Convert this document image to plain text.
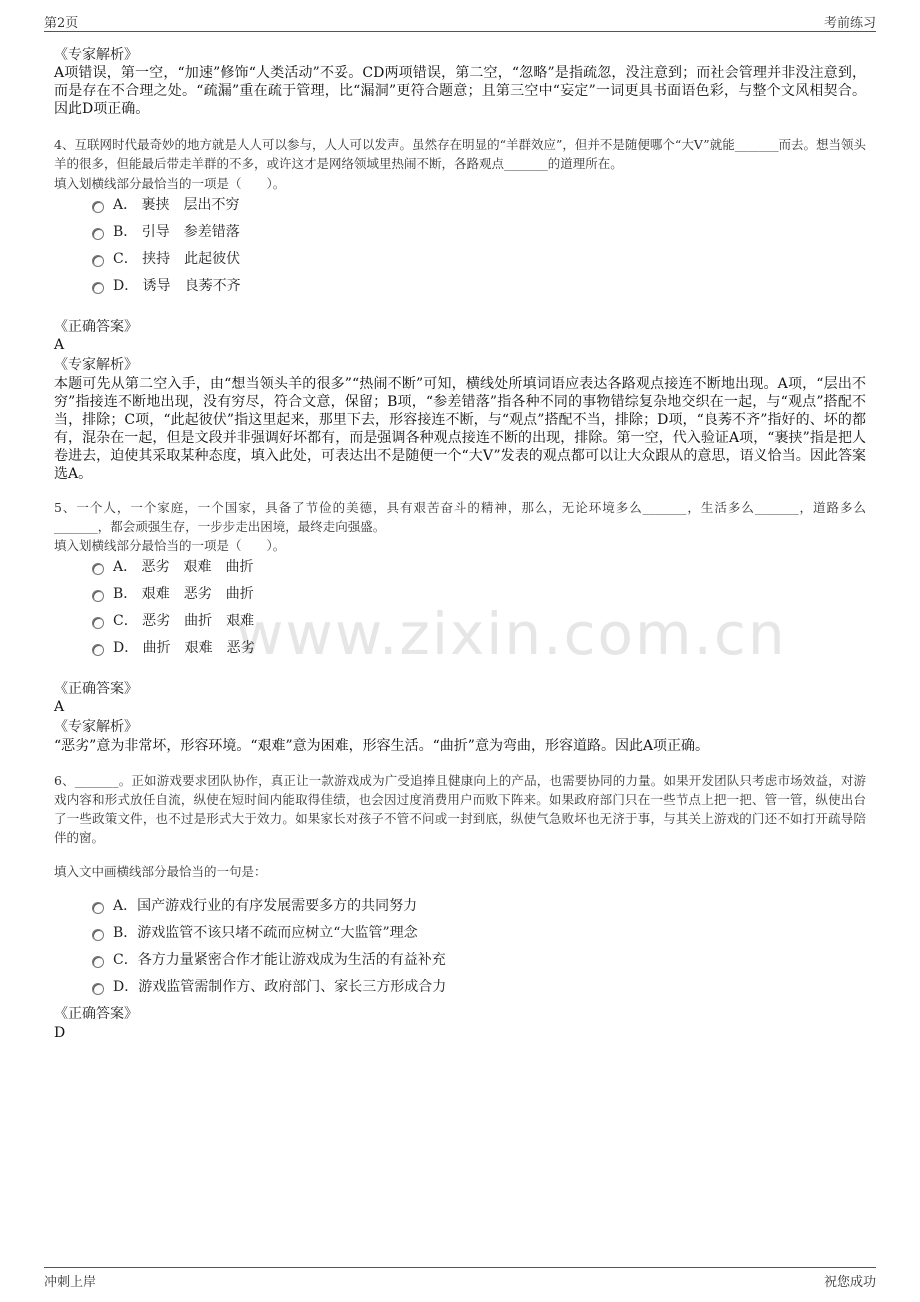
第2页	考前练习
www.zixin.com.cn
《专家解析》
A项错误，第一空，“加速”修饰“人类活动”不妥。CD两项错误，第二空，“忽略”是指疏忽，没注意到；而社会管理并非没注意到，而是存在不合理之处。“疏漏”重在疏于管理，比“漏洞”更符合题意；且第三空中“妄定”一词更具书面语色彩，与整个文风相契合。因此D项正确。
4、互联网时代最奇妙的地方就是人人可以参与，人人可以发声。虽然存在明显的“羊群效应”，但并不是随便哪个“大V”就能_______而去。想当领头羊的很多，但能最后带走羊群的不多，或许这才是网络领域里热闹不断，各路观点_______的道理所在。
填入划横线部分最恰当的一项是（　　）。
A． 裹挟　层出不穷
B． 引导　参差错落
C． 挟持　此起彼伏
D． 诱导　良莠不齐
《正确答案》
A
《专家解析》
本题可先从第二空入手，由“想当领头羊的很多”“热闹不断”可知，横线处所填词语应表达各路观点接连不断地出现。A项，“层出不穷”指接连不断地出现，没有穷尽，符合文意，保留；B项，“参差错落”指各种不同的事物错综复杂地交织在一起，与“观点”搭配不当，排除；C项，“此起彼伏”指这里起来，那里下去，形容接连不断，与“观点”搭配不当，排除；D项，“良莠不齐”指好的、坏的都有，混杂在一起，但是文段并非强调好坏都有，而是强调各种观点接连不断的出现，排除。第一空，代入验证A项，“裹挟”指是把人卷进去，迫使其采取某种态度，填入此处，可表达出不是随便一个“大V”发表的观点都可以让大众跟从的意思，语义恰当。因此答案选A。
5、一个人，一个家庭，一个国家，具备了节俭的美德，具有艰苦奋斗的精神，那么，无论环境多么_______，生活多么_______，道路多么_______，都会顽强生存，一步步走出困境，最终走向强盛。
填入划横线部分最恰当的一项是（　　）。
A． 恶劣　艰难　曲折
B． 艰难　恶劣　曲折
C． 恶劣　曲折　艰难
D． 曲折　艰难　恶劣
《正确答案》
A
《专家解析》
“恶劣”意为非常坏，形容环境。“艰难”意为困难，形容生活。“曲折”意为弯曲，形容道路。因此A项正确。
6、_______。正如游戏要求团队协作，真正让一款游戏成为广受追捧且健康向上的产品，也需要协同的力量。如果开发团队只考虑市场效益，对游戏内容和形式放任自流，纵使在短时间内能取得佳绩，也会因过度消费用户而败下阵来。如果政府部门只在一些节点上把一把、管一管，纵使出台了一些政策文件，也不过是形式大于效力。如果家长对孩子不管不问或一封到底，纵使气急败坏也无济于事，与其关上游戏的门还不如打开疏导陪伴的窗。
填入文中画横线部分最恰当的一句是：
A．国产游戏行业的有序发展需要多方的共同努力
B．游戏监管不该只堵不疏而应树立“大监管”理念
C．各方力量紧密合作才能让游戏成为生活的有益补充
D．游戏监管需制作方、政府部门、家长三方形成合力
《正确答案》
D
冲刺上岸	祝您成功
